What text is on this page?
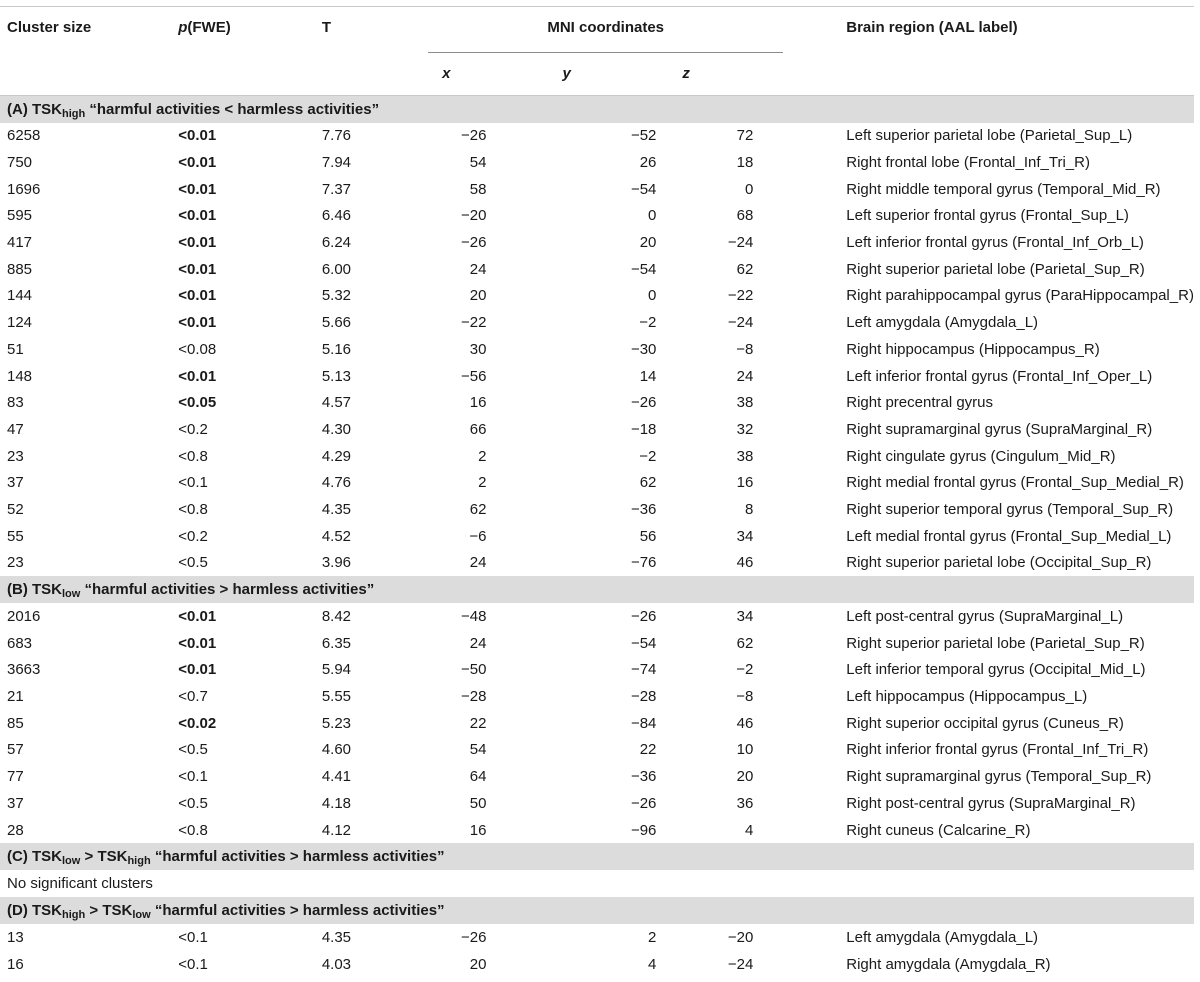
Cluster size	p(FWE)	T	MNI coordinates				Brain region (AAL label)
			x	y	z		
(A) $TSK_{high}$ “harmful activities < harmless activities”							
6258	<0.01	7.76	−26	−52	72		Left superior parietal lobe (Parietal_Sup_L)
750	<0.01	7.94	54	26	18		Right frontal lobe (Frontal_Inf_Tri_R)
1696	<0.01	7.37	58	−54	0		Right middle temporal gyrus (Temporal_Mid_R)
595	<0.01	6.46	−20	0	68		Left superior frontal gyrus (Frontal_Sup_L)
417	<0.01	6.24	−26	20	−24		Left inferior frontal gyrus (Frontal_Inf_Orb_L)
885	<0.01	6.00	24	−54	62		Right superior parietal lobe (Parietal_Sup_R)
144	<0.01	5.32	20	0	−22		Right parahippocampal gyrus (ParaHippocampal_R)
124	<0.01	5.66	−22	−2	−24		Left amygdala (Amygdala_L)
51	<0.08	5.16	30	−30	−8		Right hippocampus (Hippocampus_R)
148	<0.01	5.13	−56	14	24		Left inferior frontal gyrus (Frontal_Inf_Oper_L)
83	<0.05	4.57	16	−26	38		Right precentral gyrus
47	<0.2	4.30	66	−18	32		Right supramarginal gyrus (SupraMarginal_R)
23	<0.8	4.29	2	−2	38		Right cingulate gyrus (Cingulum_Mid_R)
37	<0.1	4.76	2	62	16		Right medial frontal gyrus (Frontal_Sup_Medial_R)
52	<0.8	4.35	62	−36	8		Right superior temporal gyrus (Temporal_Sup_R)
55	<0.2	4.52	−6	56	34		Left medial frontal gyrus (Frontal_Sup_Medial_L)
23	<0.5	3.96	24	−76	46		Right superior parietal lobe (Occipital_Sup_R)
(B) $TSK_{low}$ “harmful activities > harmless activities”							
2016	<0.01	8.42	−48	−26	34		Left post-central gyrus (SupraMarginal_L)
683	<0.01	6.35	24	−54	62		Right superior parietal lobe (Parietal_Sup_R)
3663	<0.01	5.94	−50	−74	−2		Left inferior temporal gyrus (Occipital_Mid_L)
21	<0.7	5.55	−28	−28	−8		Left hippocampus (Hippocampus_L)
85	<0.02	5.23	22	−84	46		Right superior occipital gyrus (Cuneus_R)
57	<0.5	4.60	54	22	10		Right inferior frontal gyrus (Frontal_Inf_Tri_R)
77	<0.1	4.41	64	−36	20		Right supramarginal gyrus (Temporal_Sup_R)
37	<0.5	4.18	50	−26	36		Right post-central gyrus (SupraMarginal_R)
28	<0.8	4.12	16	−96	4		Right cuneus (Calcarine_R)
(C) $TSK_{low} > TSK_{high}$ “harmful activities > harmless activities”							
No significant clusters							
(D) $TSK_{high} > TSK_{low}$ “harmful activities > harmless activities”							
13	<0.1	4.35	−26	2	−20		Left amygdala (Amygdala_L)
16	<0.1	4.03	20	4	−24		Right amygdala (Amygdala_R)
